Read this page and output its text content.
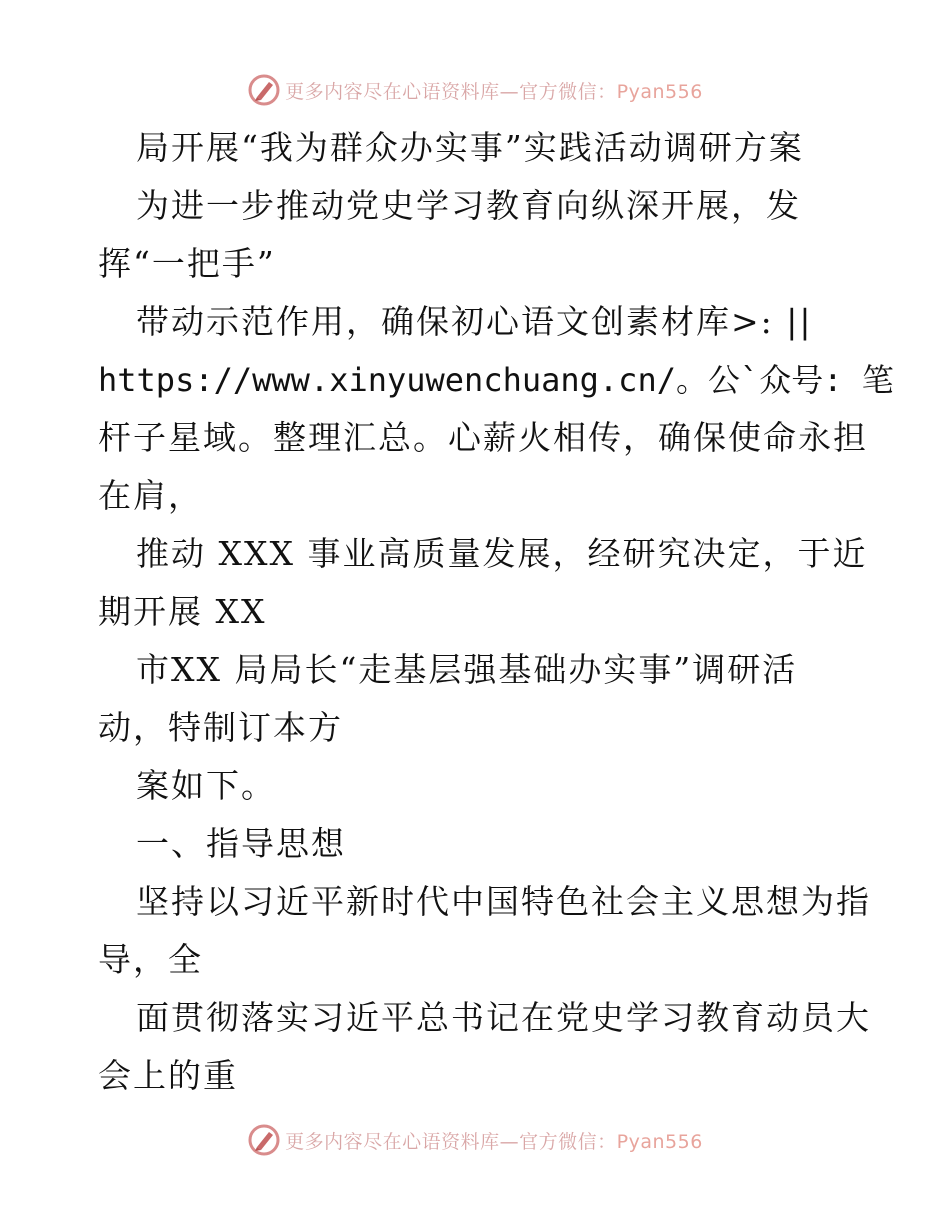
更多内容尽在心语资料库—官方微信：Pyan556
局开展“我为群众办实事”实践活动调研方案
为进一步推动党史学习教育向纵深开展，发
挥“一把手”
带动示范作用，确保初心语文创素材库>: ||
https://www.xinyuwenchuang.cn/。公`众号: 笔
杆子星域。整理汇总。心薪火相传，确保使命永担
在肩，
推动 XXX 事业高质量发展，经研究决定，于近
期开展 XX
市XX 局局长“走基层强基础办实事”调研活
动，特制订本方
案如下。
一、指导思想
坚持以习近平新时代中国特色社会主义思想为指
导，全
面贯彻落实习近平总书记在党史学习教育动员大
会上的重
更多内容尽在心语资料库—官方微信：Pyan556
